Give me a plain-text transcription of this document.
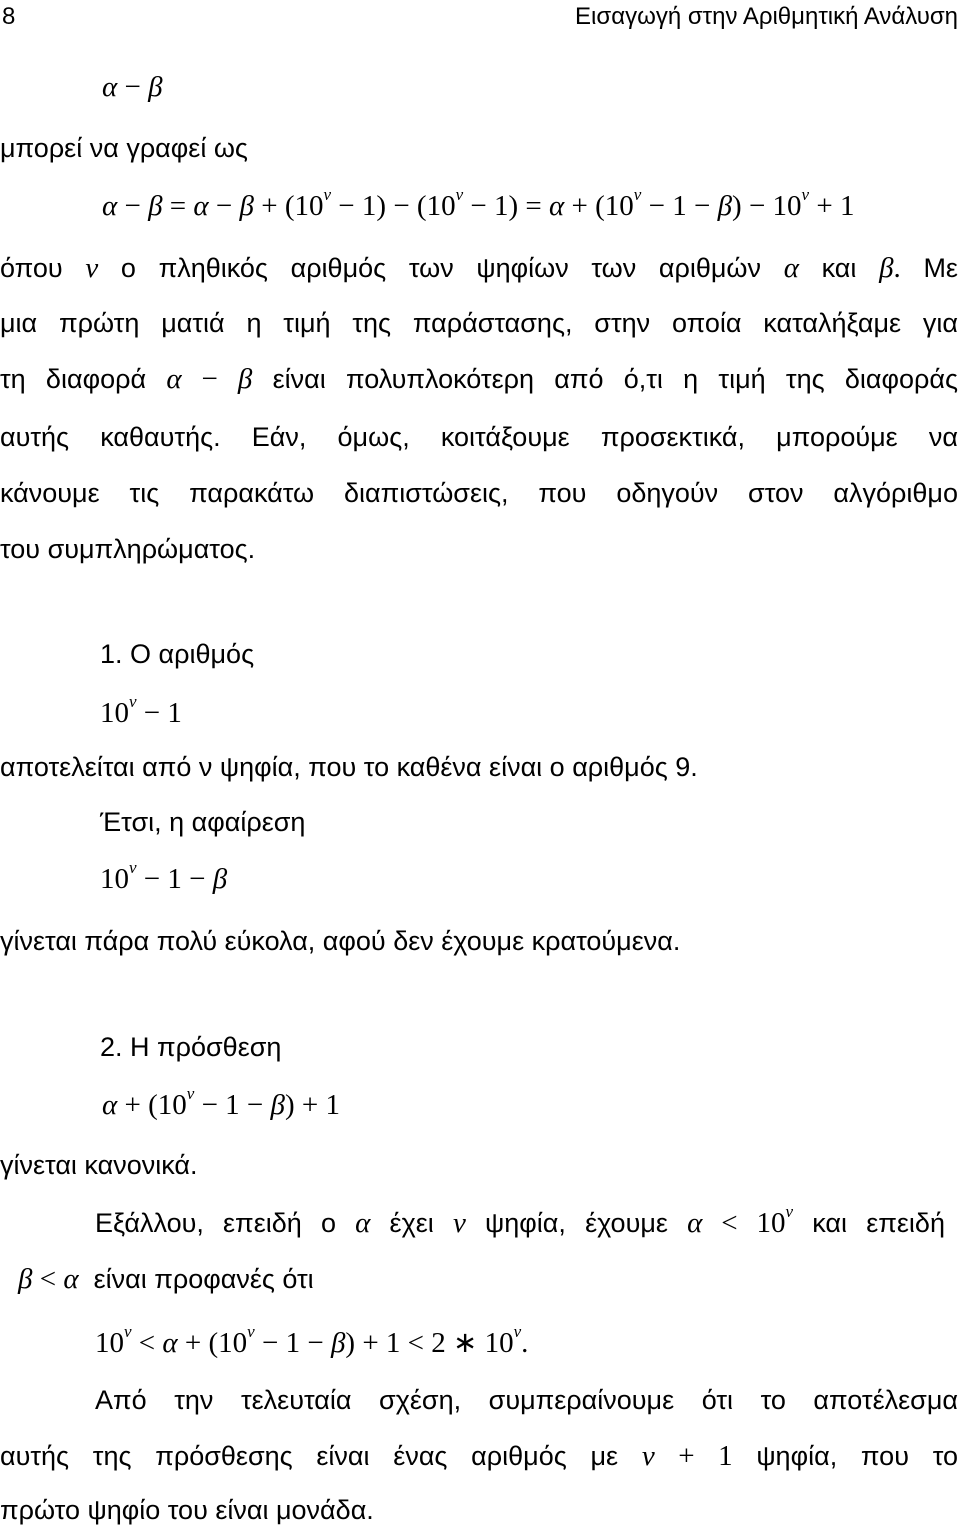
8	Εισαγωγή στην Αριθμητική Ανάλυση
α − β
μπορεί να γραφεί ως
$\alpha - \beta = \alpha - \beta + (10^\nu - 1) - (10^\nu - 1) = \alpha + (10^\nu - 1 - \beta) - 10^\nu + 1$
όπου ν ο πληθικός αριθμός των ψηφίων των αριθμών α και β. Με
μια πρώτη ματιά η τιμή της παράστασης, στην οποία καταλήξαμε για
τη διαφορά α − β είναι πολυπλοκότερη από ό,τι η τιμή της διαφοράς
αυτής καθαυτής. Εάν, όμως, κοιτάξουμε προσεκτικά, μπορούμε να
κάνουμε τις παρακάτω διαπιστώσεις, που οδηγούν στον αλγόριθμο
του συμπληρώματος.
1. Ο αριθμός
$10^\nu - 1$
αποτελείται από ν ψηφία, που το καθένα είναι ο αριθμός 9.
Έτσι, η αφαίρεση
$10^\nu - 1 - \beta$
γίνεται πάρα πολύ εύκολα, αφού δεν έχουμε κρατούμενα.
2. Η πρόσθεση
$\alpha + (10^\nu - 1 - \beta) + 1$
γίνεται κανονικά.
Εξάλλου, επειδή ο α έχει ν ψηφία, έχουμε $\alpha < 10^\nu$ και επειδή
β < α είναι προφανές ότι
$10^\nu < \alpha + (10^\nu - 1 - \beta) + 1 < 2$ ∗ $10^\nu$.
Από την τελευταία σχέση, συμπεραίνουμε ότι το αποτέλεσμα
αυτής της πρόσθεσης είναι ένας αριθμός με ν + 1 ψηφία, που το
πρώτο ψηφίο του είναι μονάδα.
